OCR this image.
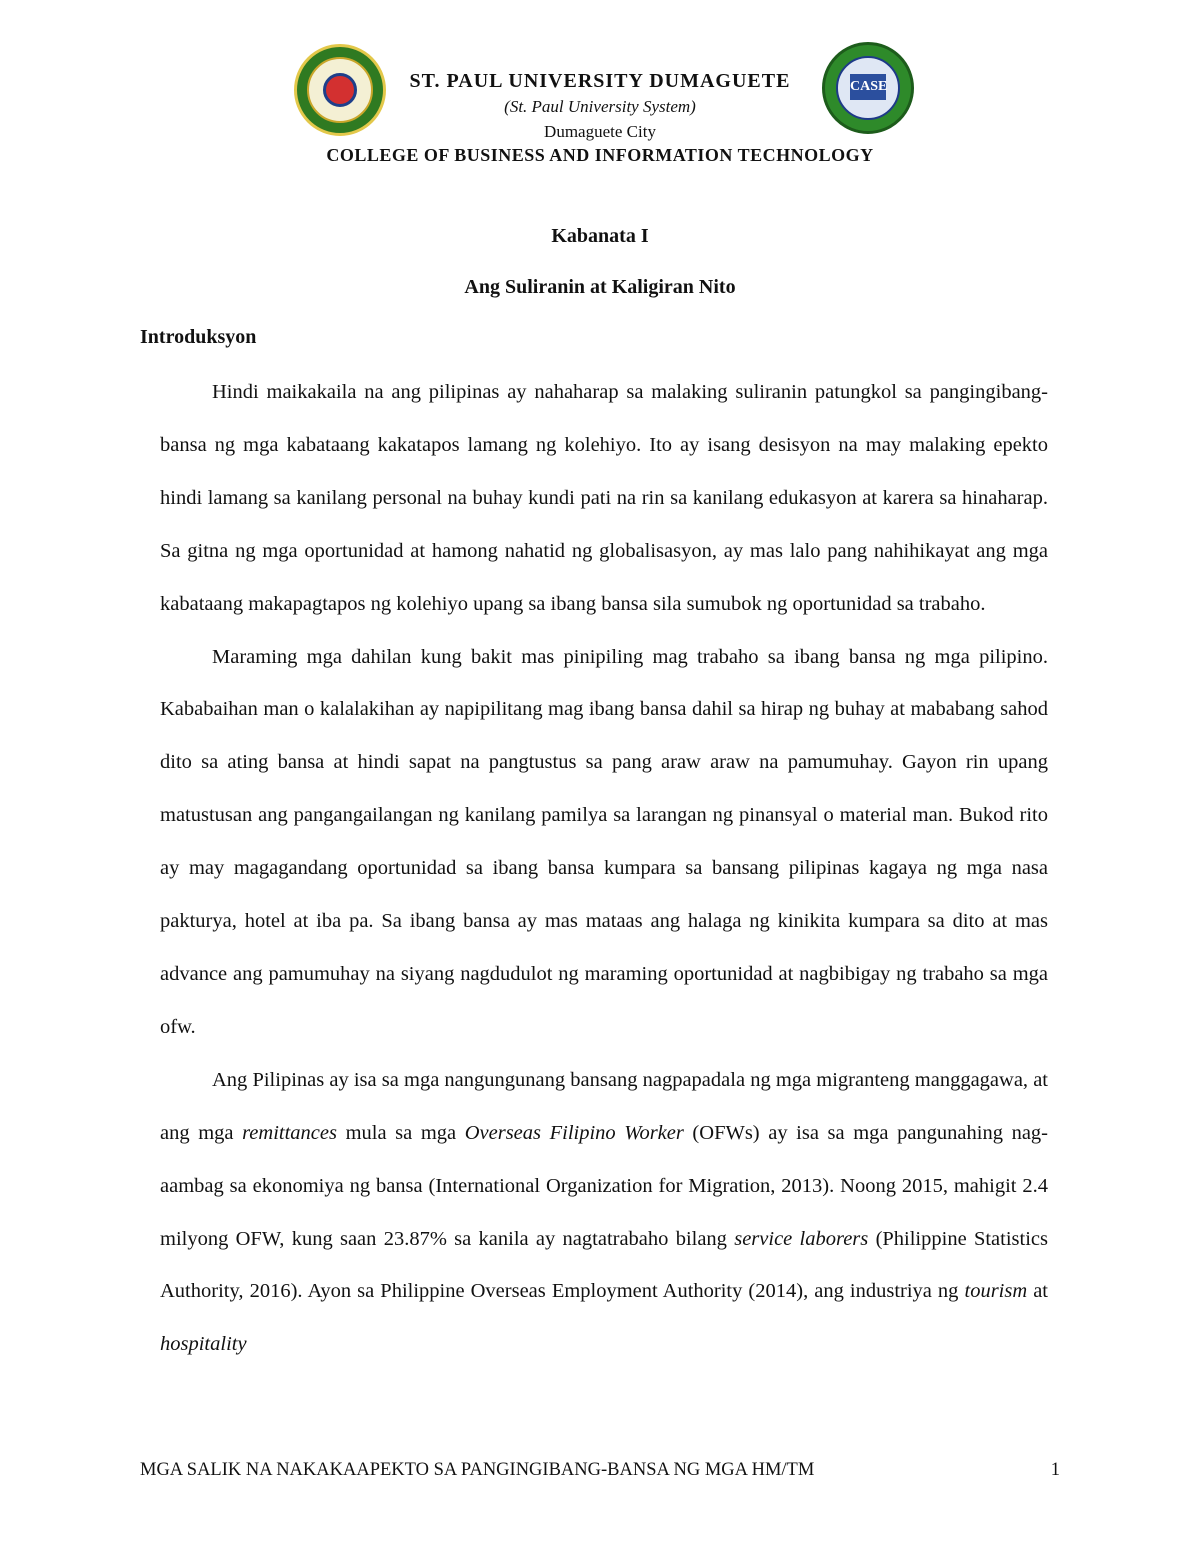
CASE
ST. PAUL UNIVERSITY DUMAGUETE
(St. Paul University System)
Dumaguete City
COLLEGE OF BUSINESS AND INFORMATION TECHNOLOGY
Kabanata I
Ang Suliranin at Kaligiran Nito
Introduksyon

Hindi maikakaila na ang pilipinas ay nahaharap sa malaking suliranin patungkol sa pangingibang-bansa ng mga kabataang kakatapos lamang ng kolehiyo. Ito ay isang desisyon na may malaking epekto hindi lamang sa kanilang personal na buhay kundi pati na rin sa kanilang edukasyon at karera sa hinaharap. Sa gitna ng mga oportunidad at hamong nahatid ng globalisasyon, ay mas lalo pang nahihikayat ang mga kabataang makapagtapos ng kolehiyo upang sa ibang bansa sila sumubok ng oportunidad sa trabaho.

Maraming mga dahilan kung bakit mas pinipiling mag trabaho sa ibang bansa ng mga pilipino. Kababaihan man o kalalakihan ay napipilitang mag ibang bansa dahil sa hirap ng buhay at mababang sahod dito sa ating bansa at hindi sapat na pangtustus sa pang araw araw na pamumuhay. Gayon rin upang matustusan ang pangangailangan ng kanilang pamilya sa larangan ng pinansyal o material man. Bukod rito ay may magagandang oportunidad sa ibang bansa kumpara sa bansang pilipinas kagaya ng mga nasa pakturya, hotel at iba pa. Sa ibang bansa ay mas mataas ang halaga ng kinikita kumpara sa dito at mas advance ang pamumuhay na siyang nagdudulot ng maraming oportunidad at nagbibigay ng trabaho sa mga ofw.

Ang Pilipinas ay isa sa mga nangungunang bansang nagpapadala ng mga migranteng manggagawa, at ang mga remittances mula sa mga Overseas Filipino Worker (OFWs) ay isa sa mga pangunahing nag-aambag sa ekonomiya ng bansa (International Organization for Migration, 2013). Noong 2015, mahigit 2.4 milyong OFW, kung saan 23.87% sa kanila ay nagtatrabaho bilang service laborers (Philippine Statistics Authority, 2016). Ayon sa Philippine Overseas Employment Authority (2014), ang industriya ng tourism at hospitality

MGA SALIK NA NAKAKAAPEKTO SA PANGINGIBANG-BANSA NG MGA HM/TM	1
